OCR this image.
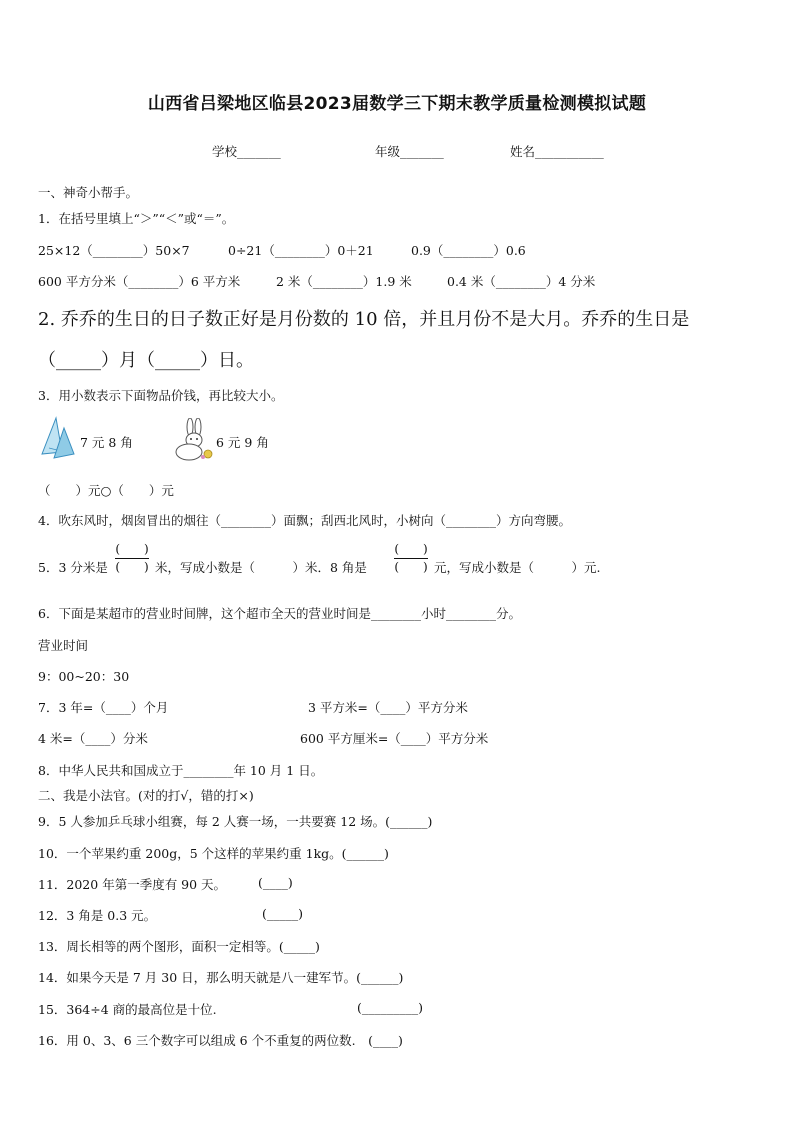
山西省吕梁地区临县2023届数学三下期末教学质量检测模拟试题
学校_______	年级_______	姓名___________
一、神奇小帮手。
1．在括号里填上“＞”“＜”或“＝”。
25×12（________）50×7	0÷21（________）0＋21	0.9（________）0.6
600 平方分米（________）6 平方米	2 米（________）1.9 米	0.4 米（________）4 分米
2. 乔乔的生日的日子数正好是月份数的 10 倍，并且月份不是大月。乔乔的生日是
（_____）月（_____）日。
3．用小数表示下面物品价钱，再比较大小。
7 元 8 角	6 元 9 角
（　　）元○（　　）元
4．吹东风时，烟囱冒出的烟往（________）面飘；刮西北风时，小树向（________）方向弯腰。
5．3 分米是
(　　)
(　　) 米，写成小数是（　　　）米．8 角是
(　　)
(　　) 元，写成小数是（　　　）元.
6．下面是某超市的营业时间牌，这个超市全天的营业时间是________小时________分。
营业时间
9：00~20：30
7．3 年=（____）个月	3 平方米=（____）平方分米
4 米=（____）分米	600 平方厘米=（____）平方分米
8．中华人民共和国成立于________年 10 月 1 日。
二、我是小法官。(对的打√，错的打×)
9．5 人参加乒乓球小组赛，每 2 人赛一场，一共要赛 12 场。(______)
10．一个苹果约重 200g，5 个这样的苹果约重 1kg。(______)
11．2020 年第一季度有 90 天。	(____)
12．3 角是 0.3 元。	(_____)
13．周长相等的两个图形，面积一定相等。(_____)
14．如果今天是 7 月 30 日，那么明天就是八一建军节。(______)
15．364÷4 商的最高位是十位.	(_________)
16．用 0、3、6 三个数字可以组成 6 个不重复的两位数.　(____)
